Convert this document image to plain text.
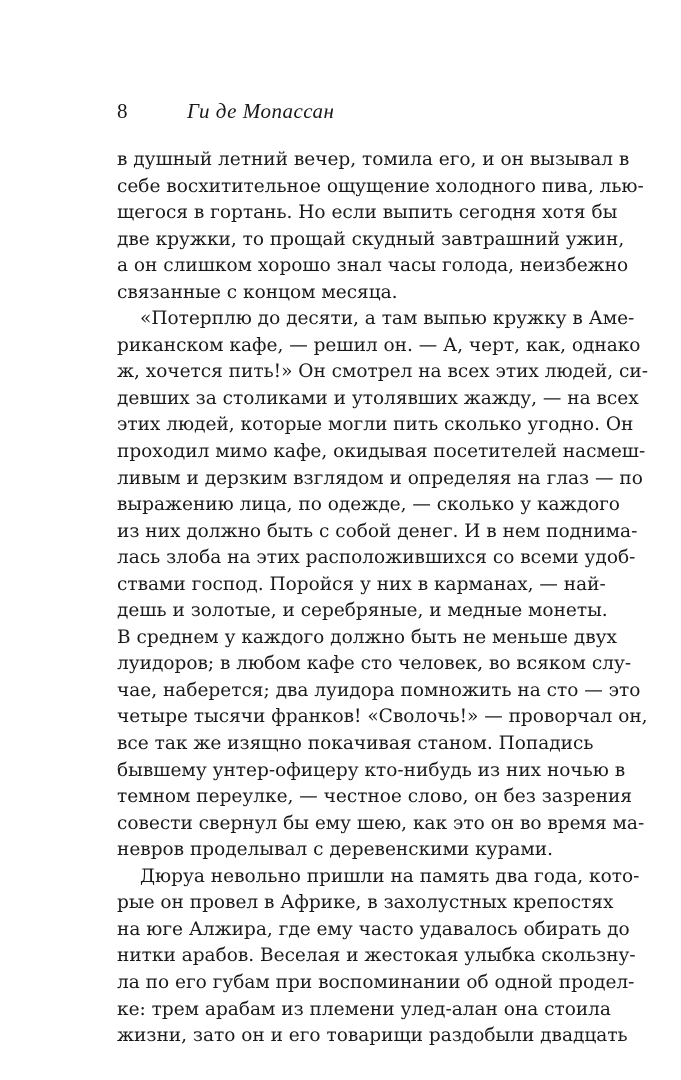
8	Ги де Мопассан
в душный летний вечер, томила его, и он вызывал в
себе восхитительное ощущение холодного пива, лью-
щегося в гортань. Но если выпить сегодня хотя бы
две кружки, то прощай скудный завтрашний ужин,
а он слишком хорошо знал часы голода, неизбежно
связанные с концом месяца.
«Потерплю до десяти, а там выпью кружку в Аме-
риканском кафе, — решил он. — А, черт, как, однако
ж, хочется пить!» Он смотрел на всех этих людей, си-
девших за столиками и утолявших жажду, — на всех
этих людей, которые могли пить сколько угодно. Он
проходил мимо кафе, окидывая посетителей насмеш-
ливым и дерзким взглядом и определяя на глаз — по
выражению лица, по одежде, — сколько у каждого
из них должно быть с собой денег. И в нем поднима-
лась злоба на этих расположившихся со всеми удоб-
ствами господ. Поройся у них в карманах, — най-
дешь и золотые, и серебряные, и медные монеты.
В среднем у каждого должно быть не меньше двух
луидоров; в любом кафе сто человек, во всяком слу-
чае, наберется; два луидора помножить на сто — это
четыре тысячи франков! «Сволочь!» — проворчал он,
все так же изящно покачивая станом. Попадись
бывшему унтер-офицеру кто-нибудь из них ночью в
темном переулке, — честное слово, он без зазрения
совести свернул бы ему шею, как это он во время ма-
невров проделывал с деревенскими курами.
Дюруа невольно пришли на память два года, кото-
рые он провел в Африке, в захолустных крепостях
на юге Алжира, где ему часто удавалось обирать до
нитки арабов. Веселая и жестокая улыбка скользну-
ла по его губам при воспоминании об одной продел-
ке: трем арабам из племени улед-алан она стоила
жизни, зато он и его товарищи раздобыли двадцать
